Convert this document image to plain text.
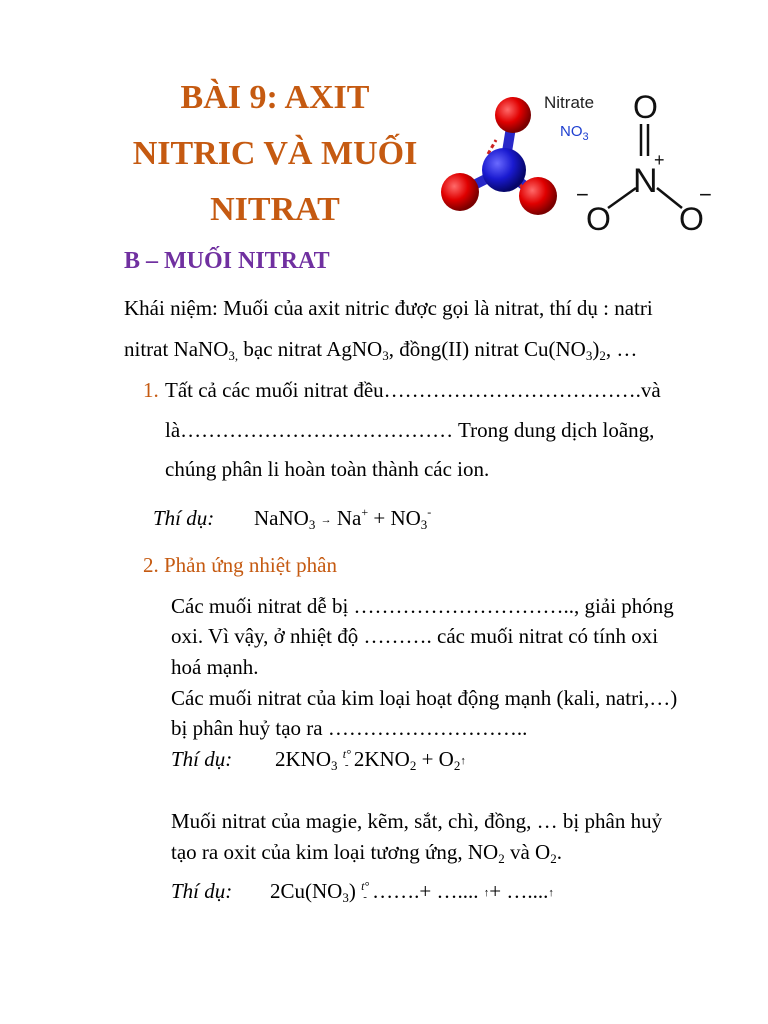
BÀI 9: AXIT
NITRIC VÀ MUỐI
NITRAT
Nitrate
$NO_3$
O
N
+
O
−
O
−
B – MUỐI NITRAT
Khái niệm: Muối của axit nitric được gọi là nitrat, thí dụ : natri
nitrat NaNO$_{3,}$ bạc nitrat AgNO$_3$, đồng(II) nitrat $Cu(NO_3)_2$, …
1. Tất cả các muối nitrat đều……………………………….và
là………………………………… Trong dung dịch loãng,
chúng phân li hoàn toàn thành các ion.
Thí dụ: NaNO$_3$ → $Na^+ + NO_3^-$
2. Phản ứng nhiệt phân
Các muối nitrat dễ bị ………………………….., giải phóng
oxi. Vì vậy, ở nhiệt độ ………. các muối nitrat có tính oxi
hoá mạnh.
Các muối nitrat của kim loại hoạt động mạnh (kali, natri,…)
bị phân huỷ tạo ra ………………………..
Thí dụ: $2KNO_3$ $^{t^\circ}$- $2KNO_2$ + $O_2↑$
Muối nitrat của magie, kẽm, sắt, chì, đồng, … bị phân huỷ
tạo ra oxit của kim loại tương ứng, $NO_2$ và $O_2$.
Thí dụ: $2Cu(NO_3)$ $^{t^\circ}$- …….+ ….... ↑+ …....↑
